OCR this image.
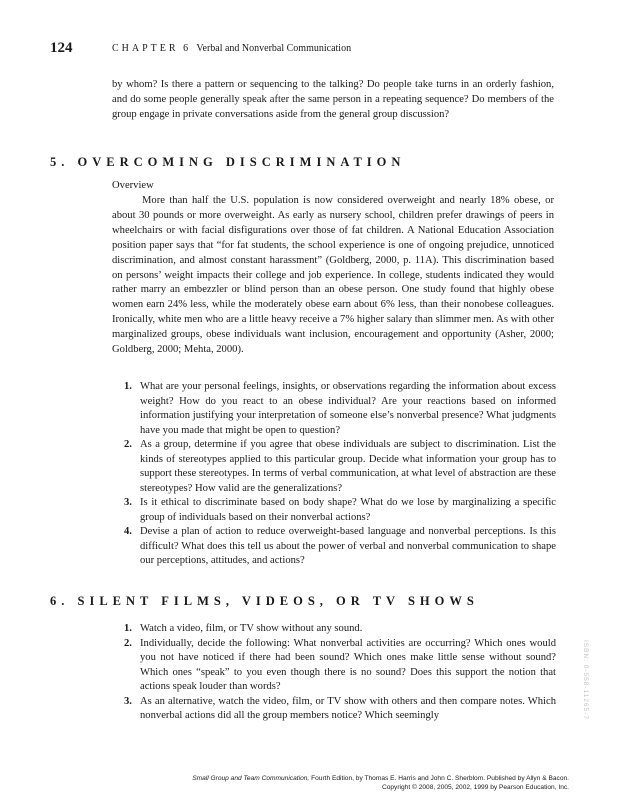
124	CHAPTER 6 Verbal and Nonverbal Communication

by whom? Is there a pattern or sequencing to the talking? Do people take turns in an orderly fashion, and do some people generally speak after the same person in a repeating sequence? Do members of the group engage in private conversations aside from the general group discussion?

5. OVERCOMING DISCRIMINATION

Overview

More than half the U.S. population is now considered overweight and nearly 18% obese, or about 30 pounds or more overweight. As early as nursery school, children prefer drawings of peers in wheelchairs or with facial disfigurations over those of fat children. A National Education Association position paper says that “for fat students, the school experience is one of ongoing prejudice, unnoticed discrimination, and almost constant harassment” (Goldberg, 2000, p. 11A). This discrimination based on persons’ weight impacts their college and job experience. In college, students indicated they would rather marry an embezzler or blind person than an obese person. One study found that highly obese women earn 24% less, while the moderately obese earn about 6% less, than their nonobese colleagues. Ironically, white men who are a little heavy receive a 7% higher salary than slimmer men. As with other marginalized groups, obese individuals want inclusion, encouragement and opportunity (Asher, 2000; Goldberg, 2000; Mehta, 2000).

1. What are your personal feelings, insights, or observations regarding the information about excess weight? How do you react to an obese individual? Are your reactions based on informed information justifying your interpretation of someone else’s nonverbal presence? What judgments have you made that might be open to question?
2. As a group, determine if you agree that obese individuals are subject to discrimination. List the kinds of stereotypes applied to this particular group. Decide what information your group has to support these stereotypes. In terms of verbal communication, at what level of abstraction are these stereotypes? How valid are the generalizations?
3. Is it ethical to discriminate based on body shape? What do we lose by marginalizing a specific group of individuals based on their nonverbal actions?
4. Devise a plan of action to reduce overweight-based language and nonverbal perceptions. Is this difficult? What does this tell us about the power of verbal and nonverbal communication to shape our perceptions, attitudes, and actions?
6. SILENT FILMS, VIDEOS, OR TV SHOWS
1. Watch a video, film, or TV show without any sound.
2. Individually, decide the following: What nonverbal activities are occurring? Which ones would you not have noticed if there had been sound? Which ones make little sense without sound? Which ones “speak” to you even though there is no sound? Does this support the notion that actions speak louder than words?
3. As an alternative, watch the video, film, or TV show with others and then compare notes. Which nonverbal actions did all the group members notice? Which seemingly
Small Group and Team Communication, Fourth Edition, by Thomas E. Harris and John C. Sherblom. Published by Allyn & Bacon.
Copyright © 2008, 2005, 2002, 1999 by Pearson Education, Inc.
ISBN: 0-558-11265-7
